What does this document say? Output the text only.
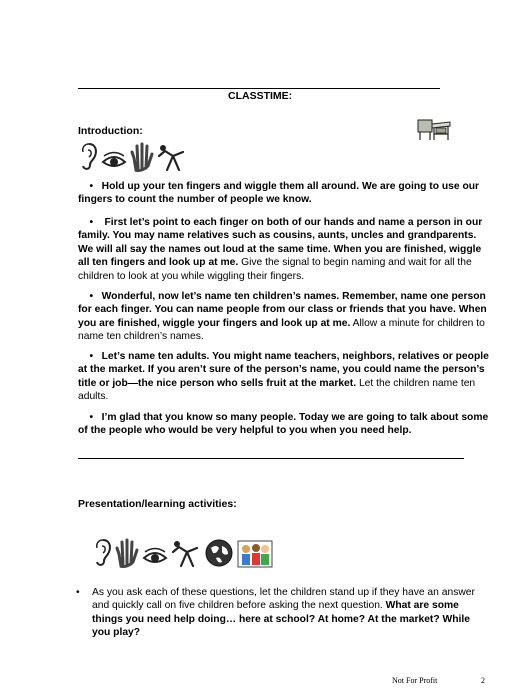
CLASSTIME:
Introduction:
•   Hold up your ten fingers and wiggle them all around. We are going to use our fingers to count the number of people we know.
•    First let’s point to each finger on both of our hands and name a person in our family. You may name relatives such as cousins, aunts, uncles and grandparents. We will all say the names out loud at the same time. When you are finished, wiggle all ten fingers and look up at me. Give the signal to begin naming and wait for all the children to look at you while wiggling their fingers.
•   Wonderful, now let’s name ten children’s names. Remember, name one person for each finger. You can name people from our class or friends that you have. When you are finished, wiggle your fingers and look up at me. Allow a minute for children to name ten children’s names.
•   Let’s name ten adults. You might name teachers, neighbors, relatives or people at the market. If you aren’t sure of the person’s name, you could name the person’s title or job—the nice person who sells fruit at the market. Let the children name ten adults.
•   I’m glad that you know so many people. Today we are going to talk about some of the people who would be very helpful to you when you need help.
Presentation/learning activities:
• As you ask each of these questions, let the children stand up if they have an answer and quickly call on five children before asking the next question. What are some things you need help doing… here at school? At home? At the market? While you play?
Not For Profit	2
